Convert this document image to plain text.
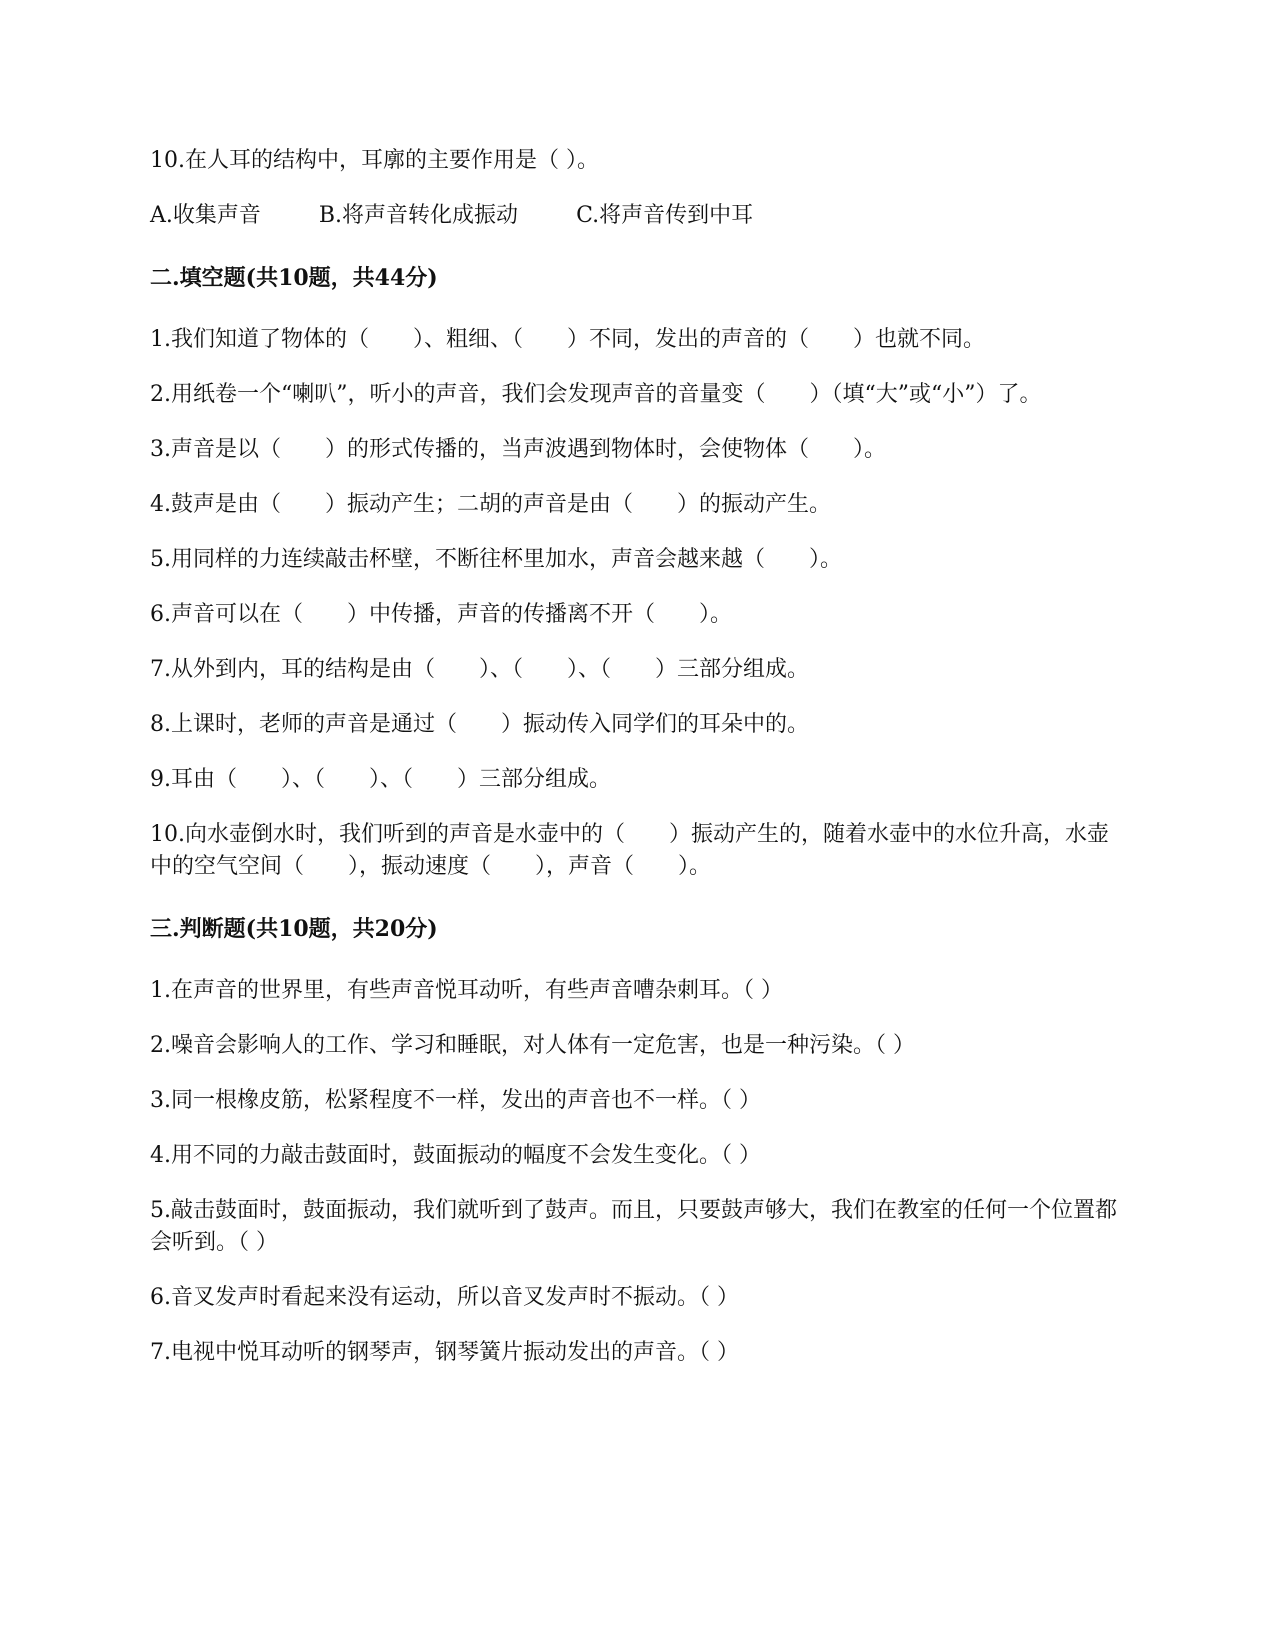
10.在人耳的结构中，耳廓的主要作用是（ ）。
A.收集声音	B.将声音转化成振动	C.将声音传到中耳
二.填空题(共10题，共44分)
1.我们知道了物体的（　　）、粗细、（　　）不同，发出的声音的（　　）也就不同。
2.用纸卷一个“喇叭”，听小的声音，我们会发现声音的音量变（　　）（填“大”或“小”）了。
3.声音是以（　　）的形式传播的，当声波遇到物体时，会使物体（　　）。
4.鼓声是由（　　）振动产生；二胡的声音是由（　　）的振动产生。
5.用同样的力连续敲击杯壁，不断往杯里加水，声音会越来越（　　）。
6.声音可以在（　　）中传播，声音的传播离不开（　　）。
7.从外到内，耳的结构是由（　　）、（　　）、（　　）三部分组成。
8.上课时，老师的声音是通过（　　）振动传入同学们的耳朵中的。
9.耳由（　　）、（　　）、（　　）三部分组成。
10.向水壶倒水时，我们听到的声音是水壶中的（　　）振动产生的，随着水壶中的水位升高，水壶中的空气空间（　　），振动速度（　　），声音（　　）。
三.判断题(共10题，共20分)
1.在声音的世界里，有些声音悦耳动听，有些声音嘈杂刺耳。（ ）
2.噪音会影响人的工作、学习和睡眠，对人体有一定危害，也是一种污染。（ ）
3.同一根橡皮筋，松紧程度不一样，发出的声音也不一样。（ ）
4.用不同的力敲击鼓面时，鼓面振动的幅度不会发生变化。（ ）
5.敲击鼓面时，鼓面振动，我们就听到了鼓声。而且，只要鼓声够大，我们在教室的任何一个位置都会听到。（ ）
6.音叉发声时看起来没有运动，所以音叉发声时不振动。（ ）
7.电视中悦耳动听的钢琴声，钢琴簧片振动发出的声音。（ ）
